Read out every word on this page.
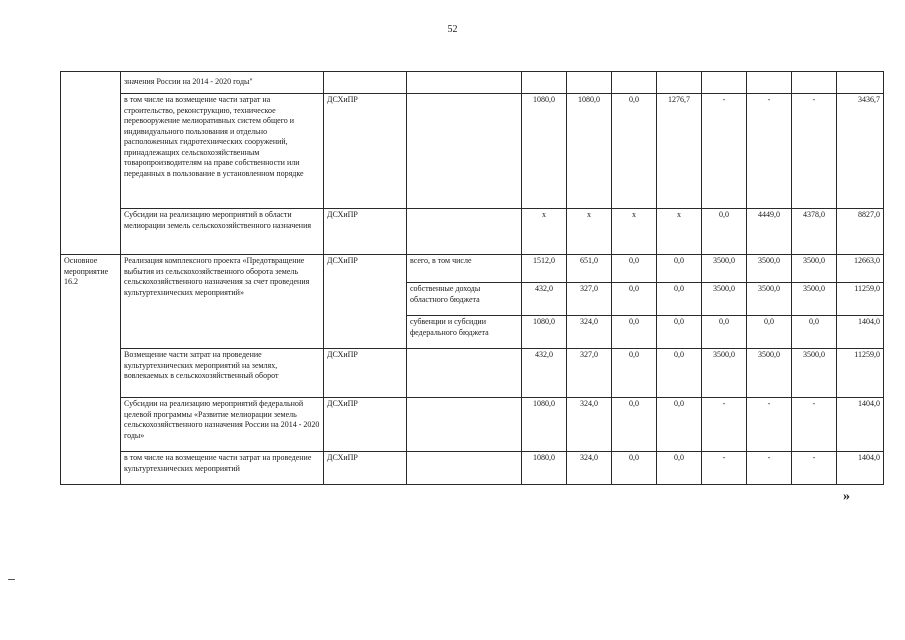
52
	значения России на 2014 - 2020 годы"										
	в том числе на возмещение части затрат на строительство, реконструкцию, техническое перевооружение мелиоративных систем общего и индивидуального пользования и отдельно расположенных гидротехнических сооружений, принадлежащих сельскохозяйственным товаропроизводителям на праве собственности или переданных в пользование в установленном порядке	ДСХиПР		1080,0	1080,0	0,0	1276,7	-	-	-	3436,7
	Субсидии на реализацию мероприятий в области мелиорации земель сельскохозяйственного назначения	ДСХиПР		х	х	х	х	0,0	4449,0	4378,0	8827,0
Основное мероприятие 16.2	Реализация комплексного проекта «Предотвращение выбытия из сельскохозяйственного оборота земель сельскохозяйственного назначения за счет проведения культуртехнических мероприятий»	ДСХиПР	всего, в том числе	1512,0	651,0	0,0	0,0	3500,0	3500,0	3500,0	12663,0
			собственные доходы областного бюджета	432,0	327,0	0,0	0,0	3500,0	3500,0	3500,0	11259,0
			субвенции и субсидии федерального бюджета	1080,0	324,0	0,0	0,0	0,0	0,0	0,0	1404,0
	Возмещение части затрат на проведение культуртехнических мероприятий на землях, вовлекаемых в сельскохозяйственный оборот	ДСХиПР		432,0	327,0	0,0	0,0	3500,0	3500,0	3500,0	11259,0
	Субсидии на реализацию мероприятий федеральной целевой программы «Развитие мелиорации земель сельскохозяйственного назначения России на 2014 - 2020 годы»	ДСХиПР		1080,0	324,0	0,0	0,0	-	-	-	1404,0
	в том числе на возмещение части затрат на проведение культуртехнических мероприятий	ДСХиПР		1080,0	324,0	0,0	0,0	-	-	-	1404,0
»
